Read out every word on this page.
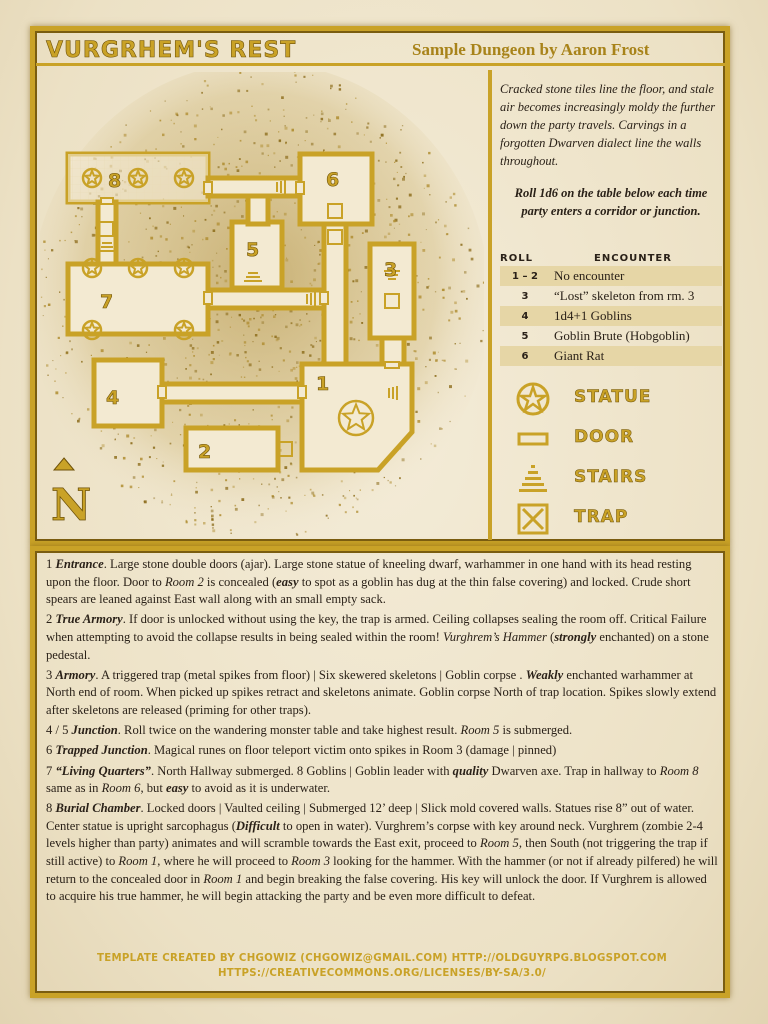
VURGRHEM'S REST	Sample Dungeon by Aaron Frost
8	6
5
3
7
4
1
2
N
Cracked stone tiles line the floor, and stale air becomes increasingly moldy the further down the party travels. Carvings in a forgotten Dwarven dialect line the walls throughout.
Roll 1d6 on the table below each time party enters a corridor or junction.
ROLL	ENCOUNTER
1 – 2	No encounter
3	“Lost” skeleton from rm. 3
4	1d4+1 Goblins
5	Goblin Brute (Hobgoblin)
6	Giant Rat
STATUE
DOOR
STAIRS
TRAP

1 Entrance. Large stone double doors (ajar). Large stone statue of kneeling dwarf, warhammer in one hand with its head resting upon the floor. Door to Room 2 is concealed (easy to spot as a goblin has dug at the thin false covering) and locked. Crude short spears are leaned against East wall along with an small empty sack.

2 True Armory. If door is unlocked without using the key, the trap is armed. Ceiling collapses sealing the room off. Critical Failure when attempting to avoid the collapse results in being sealed within the room! Vurghrem’s Hammer (strongly enchanted) on a stone pedestal.

3 Armory. A triggered trap (metal spikes from floor) | Six skewered skeletons | Goblin corpse . Weakly enchanted warhammer at North end of room. When picked up spikes retract and skeletons animate. Goblin corpse North of trap location. Spikes slowly extend after skeletons are released (priming for other traps).

4 / 5 Junction. Roll twice on the wandering monster table and take highest result. Room 5 is submerged.

6 Trapped Junction. Magical runes on floor teleport victim onto spikes in Room 3 (damage | pinned)

7 “Living Quarters”. North Hallway submerged. 8 Goblins | Goblin leader with quality Dwarven axe. Trap in hallway to Room 8 same as in Room 6, but easy to avoid as it is underwater.

8 Burial Chamber. Locked doors | Vaulted ceiling | Submerged 12’ deep | Slick mold covered walls. Statues rise 8” out of water. Center statue is upright sarcophagus (Difficult to open in water). Vurghrem’s corpse with key around neck. Vurghrem (zombie 2-4 levels higher than party) animates and will scramble towards the East exit, proceed to Room 5, then South (not triggering the trap if still active) to Room 1, where he will proceed to Room 3 looking for the hammer. With the hammer (or not if already pilfered) he will return to the concealed door in Room 1 and begin breaking the false covering. His key will unlock the door. If Vurghrem is allowed to acquire his true hammer, he will begin attacking the party and be even more difficult to defeat.

TEMPLATE CREATED BY CHGOWIZ (CHGOWIZ@GMAIL.COM) HTTP://OLDGUYRPG.BLOGSPOT.COM
HTTPS://CREATIVECOMMONS.ORG/LICENSES/BY-SA/3.0/
